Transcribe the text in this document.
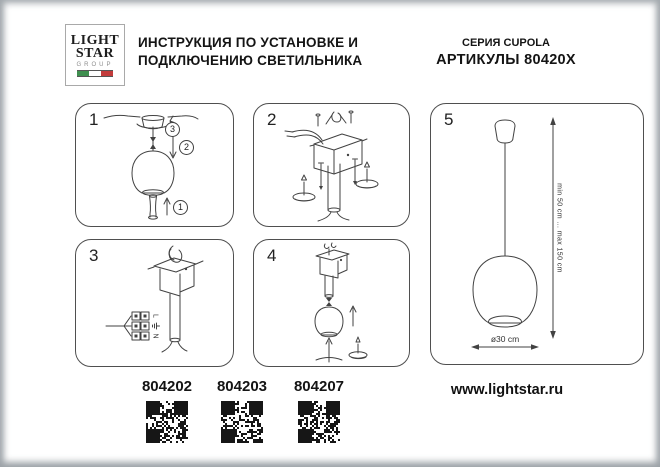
LIGHT
STAR
GROUP
ИНСТРУКЦИЯ ПО УСТАНОВКЕ И
ПОДКЛЮЧЕНИЮ СВЕТИЛЬНИКА
СЕРИЯ CUPOLA
АРТИКУЛЫ 80420X
1	3
2
1
2
3
L
N
4
5
min 50 cm ... max 150 cm
ø30 cm
804202	804203	804207	www.lightstar.ru
